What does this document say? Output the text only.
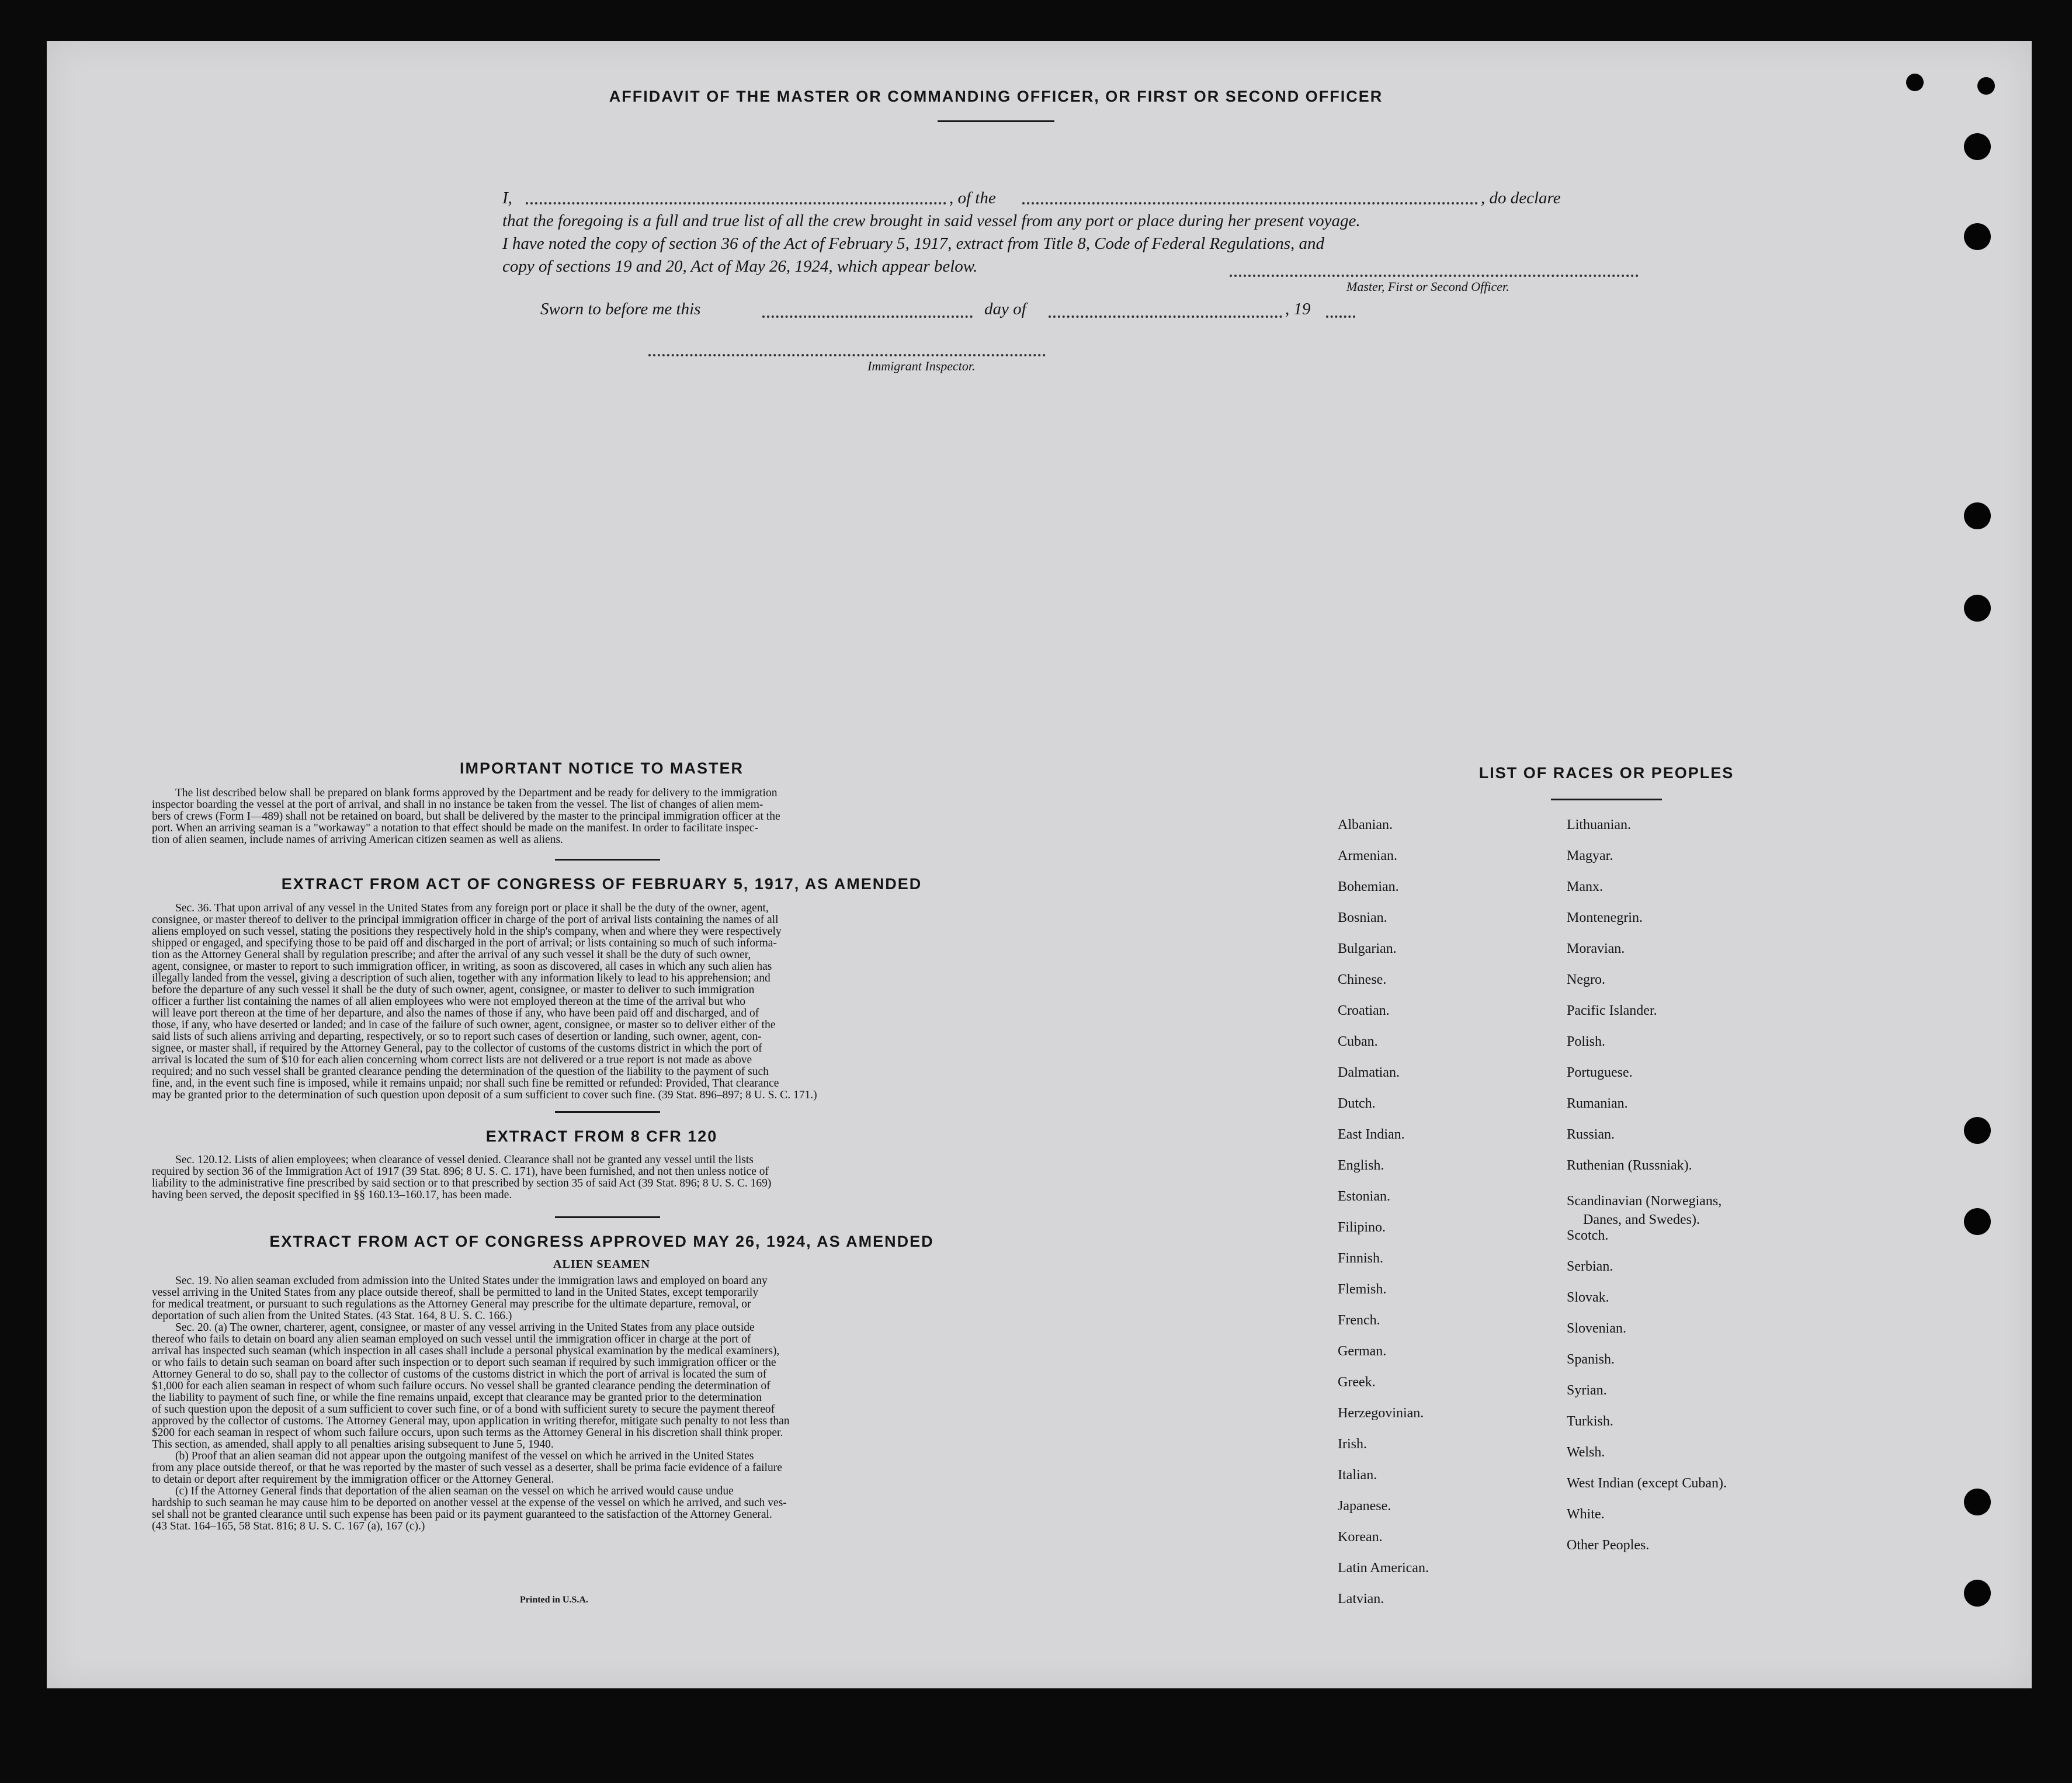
AFFIDAVIT OF THE MASTER OR COMMANDING OFFICER, OR FIRST OR SECOND OFFICER
I,	, of the	, do declare

that the foregoing is a full and true list of all the crew brought in said vessel from any port or place during her present voyage.

I have noted the copy of section 36 of the Act of February 5, 1917, extract from Title 8, Code of Federal Regulations, and

copy of sections 19 and 20, Act of May 26, 1924, which appear below.

Master, First or Second Officer.
Sworn to before me this	day of	, 19
Immigrant Inspector.
IMPORTANT NOTICE TO MASTER

The list described below shall be prepared on blank forms approved by the Department and be ready for delivery to the immigration

inspector boarding the vessel at the port of arrival, and shall in no instance be taken from the vessel. The list of changes of alien mem-

bers of crews (Form I—489) shall not be retained on board, but shall be delivered by the master to the principal immigration officer at the

port. When an arriving seaman is a "workaway" a notation to that effect should be made on the manifest. In order to facilitate inspec-

tion of alien seamen, include names of arriving American citizen seamen as well as aliens.

EXTRACT FROM ACT OF CONGRESS OF FEBRUARY 5, 1917, AS AMENDED

Sec. 36. That upon arrival of any vessel in the United States from any foreign port or place it shall be the duty of the owner, agent,

consignee, or master thereof to deliver to the principal immigration officer in charge of the port of arrival lists containing the names of all

aliens employed on such vessel, stating the positions they respectively hold in the ship's company, when and where they were respectively

shipped or engaged, and specifying those to be paid off and discharged in the port of arrival; or lists containing so much of such informa-

tion as the Attorney General shall by regulation prescribe; and after the arrival of any such vessel it shall be the duty of such owner,

agent, consignee, or master to report to such immigration officer, in writing, as soon as discovered, all cases in which any such alien has

illegally landed from the vessel, giving a description of such alien, together with any information likely to lead to his apprehension; and

before the departure of any such vessel it shall be the duty of such owner, agent, consignee, or master to deliver to such immigration

officer a further list containing the names of all alien employees who were not employed thereon at the time of the arrival but who

will leave port thereon at the time of her departure, and also the names of those if any, who have been paid off and discharged, and of

those, if any, who have deserted or landed; and in case of the failure of such owner, agent, consignee, or master so to deliver either of the

said lists of such aliens arriving and departing, respectively, or so to report such cases of desertion or landing, such owner, agent, con-

signee, or master shall, if required by the Attorney General, pay to the collector of customs of the customs district in which the port of

arrival is located the sum of $10 for each alien concerning whom correct lists are not delivered or a true report is not made as above

required; and no such vessel shall be granted clearance pending the determination of the question of the liability to the payment of such

fine, and, in the event such fine is imposed, while it remains unpaid; nor shall such fine be remitted or refunded: Provided, That clearance

may be granted prior to the determination of such question upon deposit of a sum sufficient to cover such fine. (39 Stat. 896–897; 8 U. S. C. 171.)

EXTRACT FROM 8 CFR 120

Sec. 120.12. Lists of alien employees; when clearance of vessel denied. Clearance shall not be granted any vessel until the lists

required by section 36 of the Immigration Act of 1917 (39 Stat. 896; 8 U. S. C. 171), have been furnished, and not then unless notice of

liability to the administrative fine prescribed by said section or to that prescribed by section 35 of said Act (39 Stat. 896; 8 U. S. C. 169)

having been served, the deposit specified in §§ 160.13–160.17, has been made.

EXTRACT FROM ACT OF CONGRESS APPROVED MAY 26, 1924, AS AMENDED
ALIEN SEAMEN

Sec. 19. No alien seaman excluded from admission into the United States under the immigration laws and employed on board any

vessel arriving in the United States from any place outside thereof, shall be permitted to land in the United States, except temporarily

for medical treatment, or pursuant to such regulations as the Attorney General may prescribe for the ultimate departure, removal, or

deportation of such alien from the United States. (43 Stat. 164, 8 U. S. C. 166.)

Sec. 20. (a) The owner, charterer, agent, consignee, or master of any vessel arriving in the United States from any place outside

thereof who fails to detain on board any alien seaman employed on such vessel until the immigration officer in charge at the port of

arrival has inspected such seaman (which inspection in all cases shall include a personal physical examination by the medical examiners),

or who fails to detain such seaman on board after such inspection or to deport such seaman if required by such immigration officer or the

Attorney General to do so, shall pay to the collector of customs of the customs district in which the port of arrival is located the sum of

$1,000 for each alien seaman in respect of whom such failure occurs. No vessel shall be granted clearance pending the determination of

the liability to payment of such fine, or while the fine remains unpaid, except that clearance may be granted prior to the determination

of such question upon the deposit of a sum sufficient to cover such fine, or of a bond with sufficient surety to secure the payment thereof

approved by the collector of customs. The Attorney General may, upon application in writing therefor, mitigate such penalty to not less than

$200 for each seaman in respect of whom such failure occurs, upon such terms as the Attorney General in his discretion shall think proper.

This section, as amended, shall apply to all penalties arising subsequent to June 5, 1940.

(b) Proof that an alien seaman did not appear upon the outgoing manifest of the vessel on which he arrived in the United States

from any place outside thereof, or that he was reported by the master of such vessel as a deserter, shall be prima facie evidence of a failure

to detain or deport after requirement by the immigration officer or the Attorney General.

(c) If the Attorney General finds that deportation of the alien seaman on the vessel on which he arrived would cause undue

hardship to such seaman he may cause him to be deported on another vessel at the expense of the vessel on which he arrived, and such ves-

sel shall not be granted clearance until such expense has been paid or its payment guaranteed to the satisfaction of the Attorney General.

(43 Stat. 164–165, 58 Stat. 816; 8 U. S. C. 167 (a), 167 (c).)

Printed in U.S.A.
LIST OF RACES OR PEOPLES
Albanian.
Armenian.
Bohemian.
Bosnian.
Bulgarian.
Chinese.
Croatian.
Cuban.
Dalmatian.
Dutch.
East Indian.
English.
Estonian.
Filipino.
Finnish.
Flemish.
French.
German.
Greek.
Herzegovinian.
Irish.
Italian.
Japanese.
Korean.
Latin American.
Latvian.
Lithuanian.
Magyar.
Manx.
Montenegrin.
Moravian.
Negro.
Pacific Islander.
Polish.
Portuguese.
Rumanian.
Russian.
Ruthenian (Russniak).
Scandinavian (Norwegians,
Danes, and Swedes).
Scotch.
Serbian.
Slovak.
Slovenian.
Spanish.
Syrian.
Turkish.
Welsh.
West Indian (except Cuban).
White.
Other Peoples.
